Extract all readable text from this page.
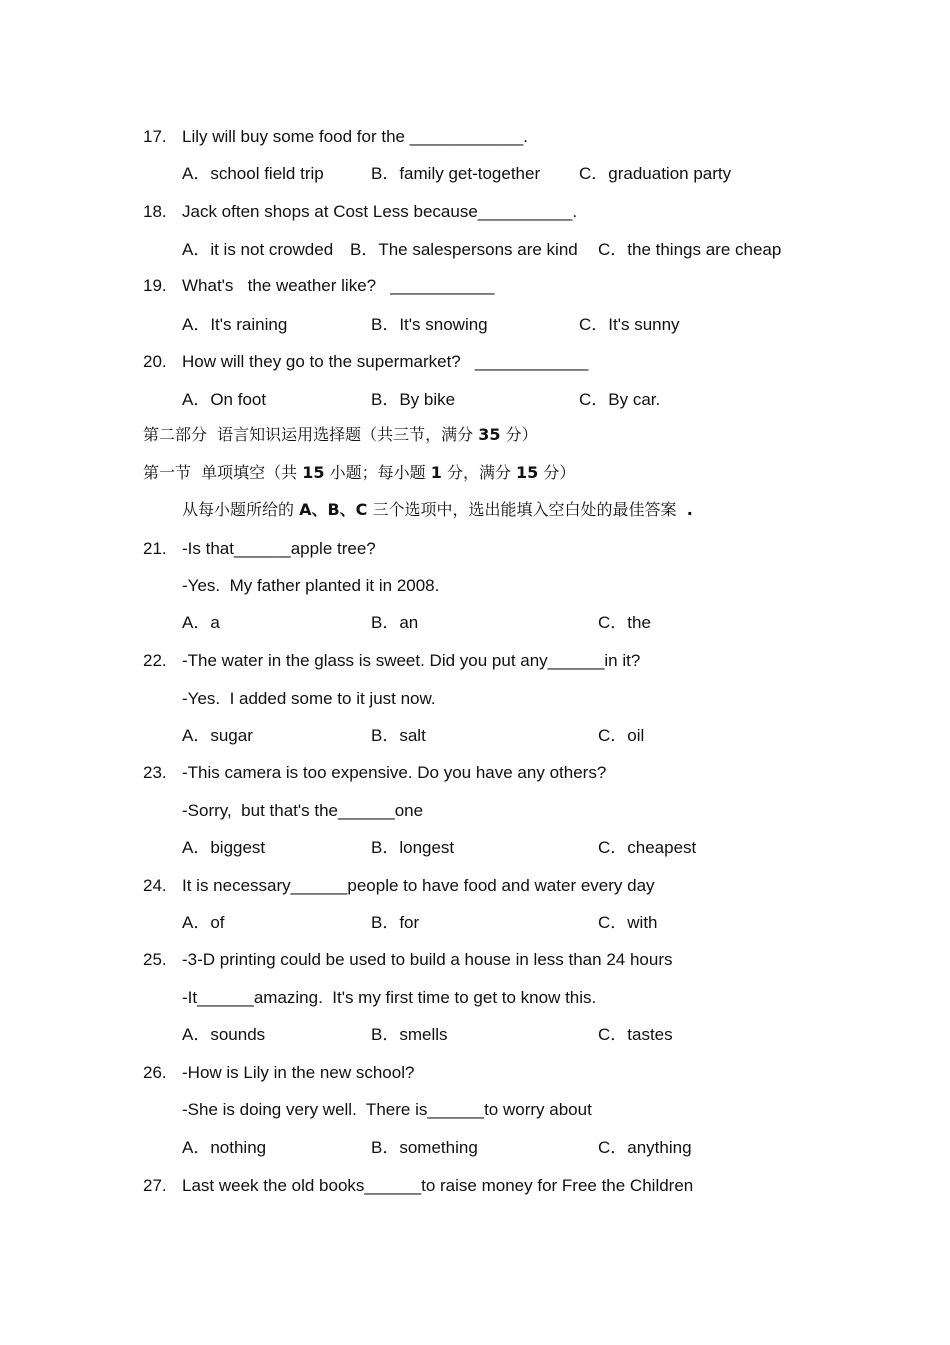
17. Lily will buy some food for the ____________.
A．school field trip	B．family get-together C．graduation party
18. Jack often shops at Cost Less because__________.
A．it is not crowded B．The salespersons are kind C．the things are cheap
19. What's   the weather like?   ___________
A．It's raining	B．It's snowing	C．It's sunny
20. How will they go to the supermarket?   ____________
A．On foot	B．By bike	C．By car.
第二部分  语言知识运用选择题（共三节，满分 35 分）
第一节  单项填空（共 15 小题；每小题 1 分，满分 15 分）
从每小题所给的 A、B、C 三个选项中，选出能填入空白处的最佳答案  .
21. -Is that______apple tree?
-Yes.  My father planted it in 2008.
A．a	B．an	C．the
22. -The water in the glass is sweet. Did you put any______in it?
-Yes.  I added some to it just now.
A．sugar	B．salt	C．oil
23. -This camera is too expensive. Do you have any others?
-Sorry,  but that's the______one
A．biggest	B．longest	C．cheapest
24. It is necessary______people to have food and water every day
A．of	B．for	C．with
25. -3-D printing could be used to build a house in less than 24 hours
-It______amazing.  It's my first time to get to know this.
A．sounds	B．smells	C．tastes
26. -How is Lily in the new school?
-She is doing very well.  There is______to worry about
A．nothing	B．something	C．anything
27. Last week the old books______to raise money for Free the Children
